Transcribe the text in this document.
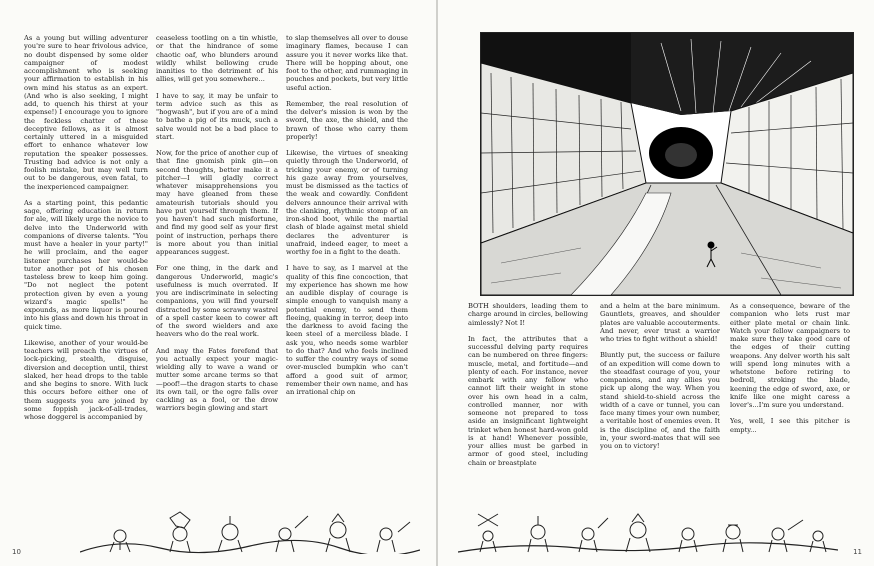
As a young but willing adventurer you're sure to hear frivolous advice, no doubt dispensed by some older campaigner of modest accomplishment who is seeking your affirmation to establish in his own mind his status as an expert. (And who is also seeking, I might add, to quench his thirst at your expense!) I encourage you to ignore the feckless chatter of these deceptive fellows, as it is almost certainly uttered in a misguided effort to enhance whatever low reputation the speaker possesses. Trusting bad advice is not only a foolish mistake, but may well turn out to be dangerous, even fatal, to the inexperienced campaigner.

As a starting point, this pedantic sage, offering education in return for ale, will likely urge the novice to delve into the Underworld with companions of diverse talents. "You must have a healer in your party!" he will proclaim, and the eager listener purchases her would-be tutor another pot of his chosen tasteless brew to keep him going. "Do not neglect the potent protection given by even a young wizard's magic spells!" he expounds, as more liquor is poured into his glass and down his throat in quick time.

Likewise, another of your would-be teachers will preach the virtues of lock-picking, stealth, disguise, diversion and deception until, thirst slaked, her head drops to the table and she begins to snore. With luck this occurs before either one of them suggests you are joined by some foppish jack-of-all-trades, whose doggerel is accompanied by

ceaseless tootling on a tin whistle, or that the hindrance of some chaotic oaf, who blunders around wildly whilst bellowing crude inanities to the detriment of his allies, will get you somewhere...

I have to say, it may be unfair to term advice such as this as "hogwash", but if you are of a mind to bathe a pig of its muck, such a salve would not be a bad place to start.

Now, for the price of another cup of that fine gnomish pink gin—on second thoughts, better make it a pitcher—I will gladly correct whatever misapprehensions you may have gleaned from these amateurish tutorials should you have put yourself through them. If you haven't had such misfortune, and find my good self as your first point of instruction, perhaps there is more about you than initial appearances suggest.

For one thing, in the dark and dangerous Underworld, magic's usefulness is much overrated. If you are indiscriminate in selecting companions, you will find yourself distracted by some scrawny wastrel of a spell caster keen to cower aft of the sword wielders and axe heavers who do the real work.

And may the Fates forefend that you actually expect your magic-wielding ally to wave a wand or mutter some arcane terms so that—poof!—the dragon starts to chase its own tail, or the ogre falls over cackling as a fool, or the drow warriors begin glowing and start

to slap themselves all over to douse imaginary flames, because I can assure you it never works like that. There will be hopping about, one foot to the other, and rummaging in pouches and pockets, but very little useful action.

Remember, the real resolution of the delver's mission is won by the sword, the axe, the shield, and the brawn of those who carry them properly!

Likewise, the virtues of sneaking quietly through the Underworld, of tricking your enemy, or of turning his gaze away from yourselves, must be dismissed as the tactics of the weak and cowardly. Confident delvers announce their arrival with the clanking, rhythmic stomp of an iron-shod boot, while the martial clash of blade against metal shield declares the adventurer is unafraid, indeed eager, to meet a worthy foe in a fight to the death.

I have to say, as I marvel at the quality of this fine concoction, that my experience has shown me how an audible display of courage is simple enough to vanquish many a potential enemy, to send them fleeing, quaking in terror, deep into the darkness to avoid facing the keen steel of a merciless blade. I ask you, who needs some warbler to do that? And who feels inclined to suffer the country ways of some over-muscled bumpkin who can't afford a good suit of armor, remember their own name, and has an irrational chip on

10

BOTH shoulders, leading them to charge around in circles, bellowing aimlessly? Not I!

In fact, the attributes that a successful delving party requires can be numbered on three fingers: muscle, metal, and fortitude—and plenty of each. For instance, never embark with any fellow who cannot lift their weight in stone over his own head in a calm, controlled manner, nor with someone not prepared to toss aside an insignificant lightweight trinket when honest hard-won gold is at hand! Whenever possible, your allies must be garbed in armor of good steel, including chain or breastplate

and a helm at the bare minimum. Gauntlets, greaves, and shoulder plates are valuable accouterments. And never, ever trust a warrior who tries to fight without a shield!

Bluntly put, the success or failure of an expedition will come down to the steadfast courage of you, your companions, and any allies you pick up along the way. When you stand shield-to-shield across the width of a cave or tunnel, you can face many times your own number, a veritable host of enemies even. It is the discipline of, and the faith in, your sword-mates that will see you on to victory!

As a consequence, beware of the companion who lets rust mar either plate metal or chain link. Watch your fellow campaigners to make sure they take good care of the edges of their cutting weapons. Any delver worth his salt will spend long minutes with a whetstone before retiring to bedroll, stroking the blade, keening the edge of sword, axe, or knife like one might caress a lover's...I'm sure you understand.

Yes, well, I see this pitcher is empty...

11
